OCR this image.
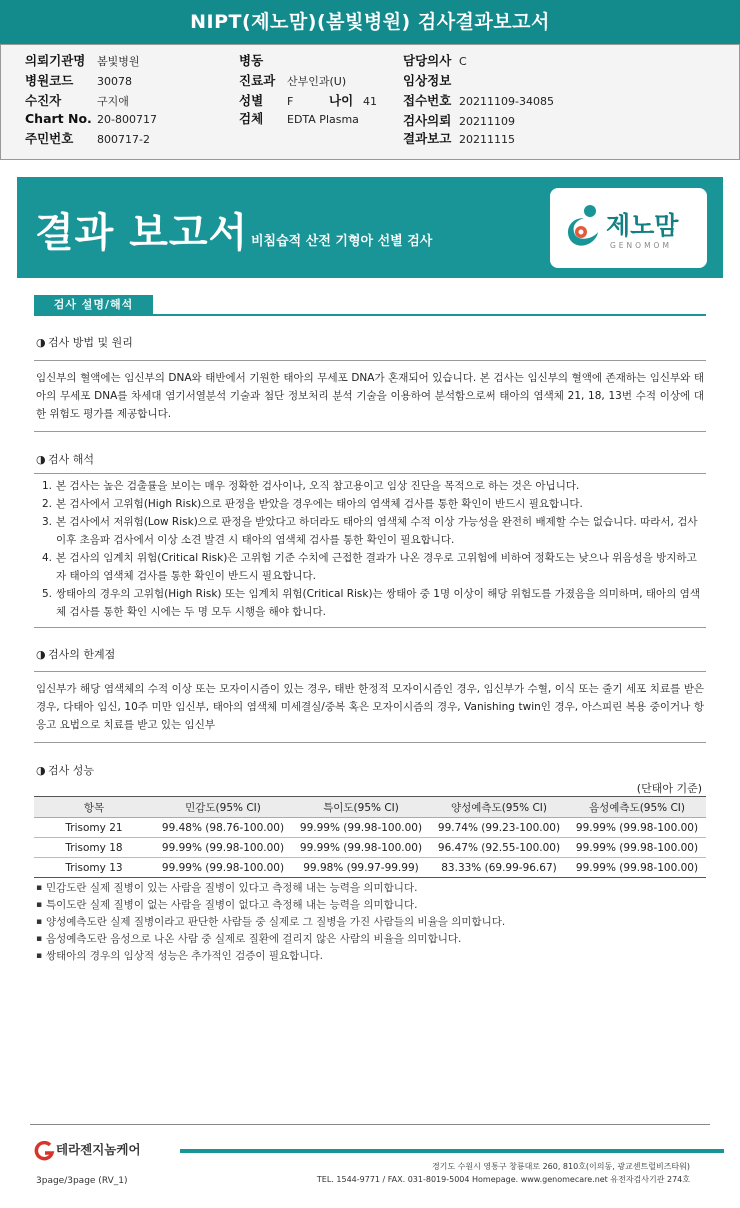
NIPT(제노맘)(봄빛병원) 검사결과보고서
의뢰기관명 봄빛병원
병원코드 30078
수진자	구지애
Chart No. 20-800717
주민번호 800717-2
병동
진료과 산부인과(U)
성별 F	나이 41
검체 EDTA Plasma
담당의사 C
임상정보
접수번호 20211109-34085
검사의뢰 20211109
결과보고 20211115
결과 보고서 비침습적 산전 기형아 선별 검사
제노맘
GENOMOM
검사 설명/해석
◑ 검사 방법 및 원리
임신부의 혈액에는 임신부의 DNA와 태반에서 기원한 태아의 무세포 DNA가 혼재되어 있습니다. 본 검사는 임신부의 혈액에 존재하는 임신부와 태아의 무세포 DNA를 차세대 염기서열분석 기술과 첨단 정보처리 분석 기술을 이용하여 분석함으로써 태아의 염색체 21, 18, 13번 수적 이상에 대한 위험도 평가를 제공합니다.
◑ 검사 해석
1. 본 검사는 높은 검출률을 보이는 매우 정확한 검사이나, 오직 참고용이고 임상 진단을 목적으로 하는 것은 아닙니다.
2. 본 검사에서 고위험(High Risk)으로 판정을 받았을 경우에는 태아의 염색체 검사를 통한 확인이 반드시 필요합니다.
3. 본 검사에서 저위험(Low Risk)으로 판정을 받았다고 하더라도 태아의 염색체 수적 이상 가능성을 완전히 배제할 수는 없습니다. 따라서, 검사 이후 초음파 검사에서 이상 소견 발견 시 태아의 염색체 검사를 통한 확인이 필요합니다.
4. 본 검사의 임계치 위험(Critical Risk)은 고위험 기준 수치에 근접한 결과가 나온 경우로 고위험에 비하여 정확도는 낮으나 위음성을 방지하고자 태아의 염색체 검사를 통한 확인이 반드시 필요합니다.
5. 쌍태아의 경우의 고위험(High Risk) 또는 임계치 위험(Critical Risk)는 쌍태아 중 1명 이상이 해당 위험도를 가졌음을 의미하며, 태아의 염색체 검사를 통한 확인 시에는 두 명 모두 시행을 해야 합니다.
◑ 검사의 한계점
임신부가 해당 염색체의 수적 이상 또는 모자이시즘이 있는 경우, 태반 한정적 모자이시즘인 경우, 임신부가 수혈, 이식 또는 줄기 세포 치료를 받은 경우, 다태아 임신, 10주 미만 임신부, 태아의 염색체 미세결실/중복 혹은 모자이시즘의 경우, Vanishing twin인 경우, 아스피린 복용 중이거나 항 응고 요법으로 치료를 받고 있는 임신부
◑ 검사 성능
(단태아 기준)
항목	민감도(95% CI)	특이도(95% CI)	양성예측도(95% CI)	음성예측도(95% CI)
Trisomy 21	99.48% (98.76-100.00)	99.99% (99.98-100.00)	99.74% (99.23-100.00)	99.99% (99.98-100.00)
Trisomy 18	99.99% (99.98-100.00)	99.99% (99.98-100.00)	96.47% (92.55-100.00)	99.99% (99.98-100.00)
Trisomy 13	99.99% (99.98-100.00)	99.98% (99.97-99.99)	83.33% (69.99-96.67)	99.99% (99.98-100.00)
▪ 민감도란 실제 질병이 있는 사람을 질병이 있다고 측정해 내는 능력을 의미합니다.
▪ 특이도란 실제 질병이 없는 사람을 질병이 없다고 측정해 내는 능력을 의미합니다.
▪ 양성예측도란 실제 질병이라고 판단한 사람들 중 실제로 그 질병을 가진 사람들의 비율을 의미합니다.
▪ 음성예측도란 음성으로 나온 사람 중 실제로 질환에 걸리지 않은 사람의 비율을 의미합니다.
▪ 쌍태아의 경우의 임상적 성능은 추가적인 검증이 필요합니다.
테라젠지놈케어
경기도 수원시 영통구 창룡대로 260, 810호(이의동, 광교센트럴비즈타워)
TEL. 1544-9771 / FAX. 031-8019-5004 Homepage. www.genomecare.net 유전자검사기관 274호
3page/3page (RV_1)
